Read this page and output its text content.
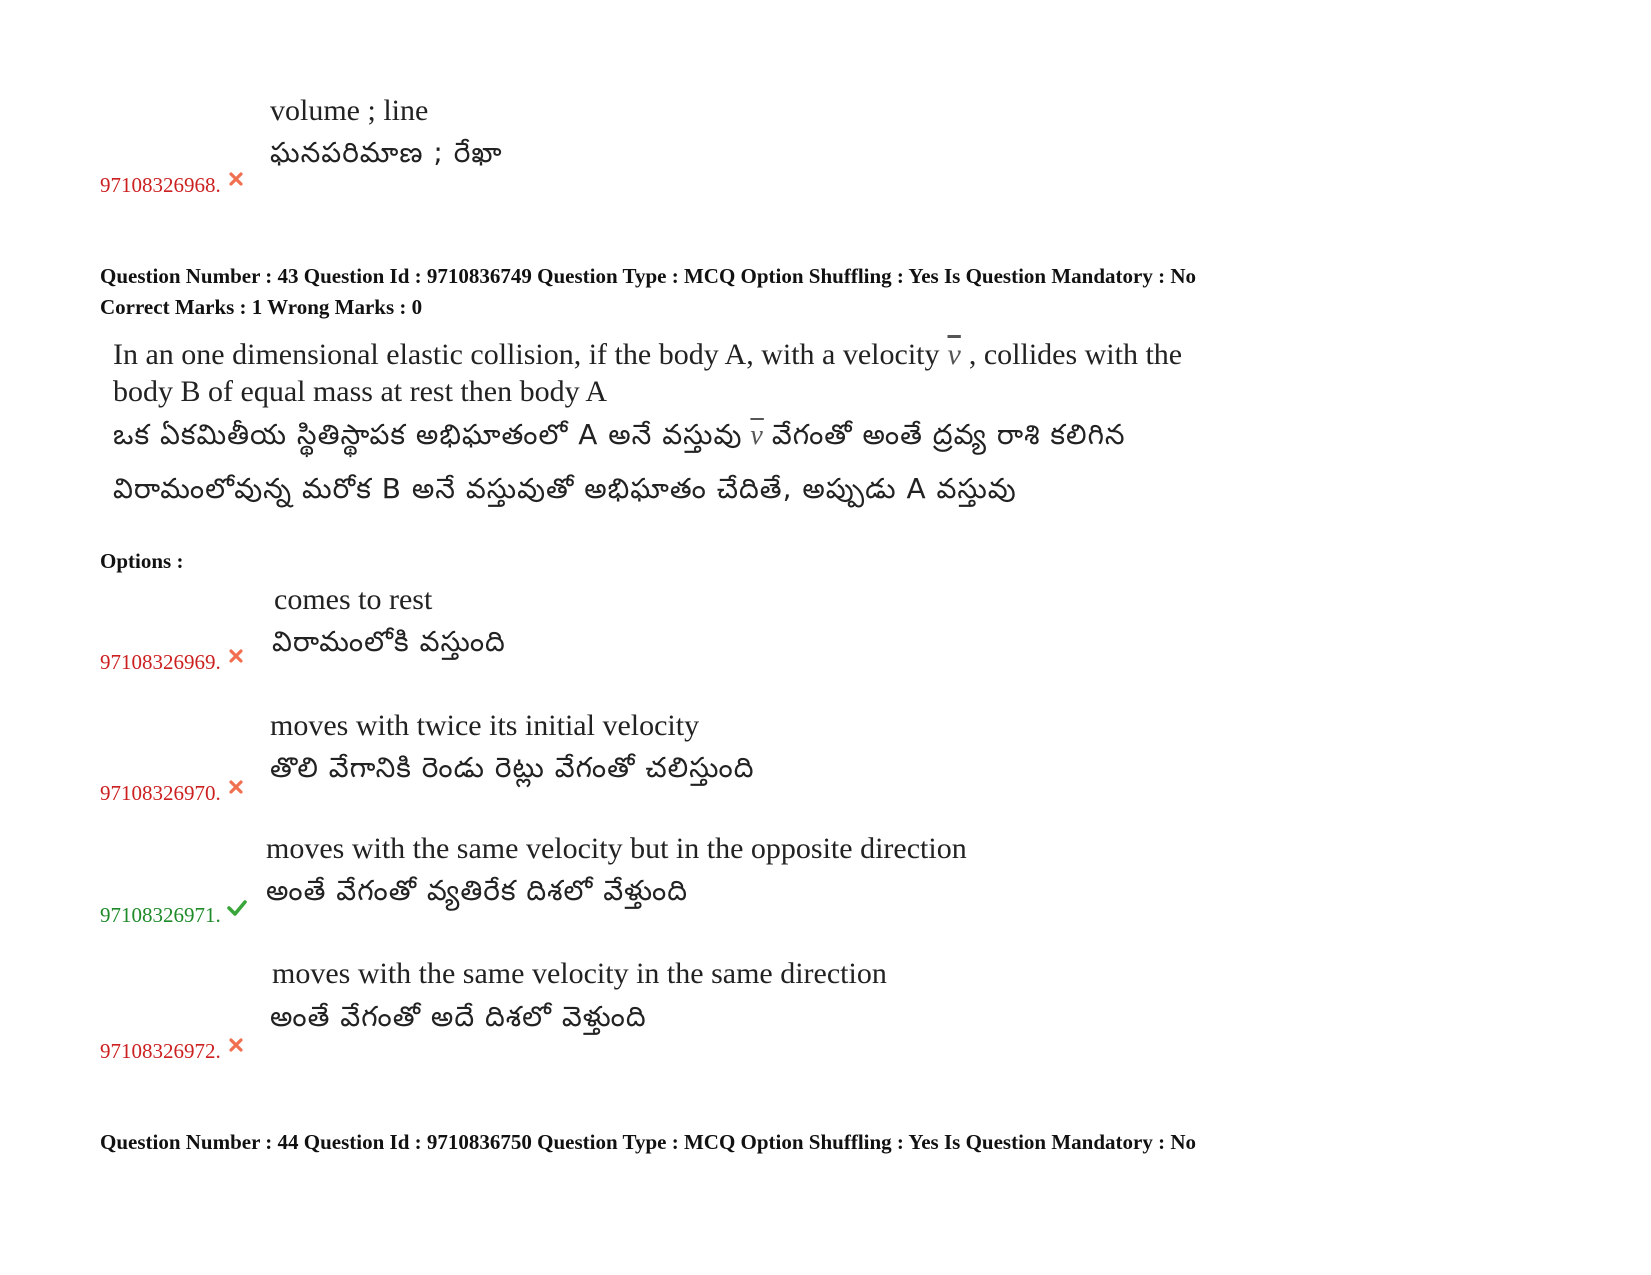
volume ; line
ఘనపరిమాణ ; రేఖా
97108326968.
Question Number : 43 Question Id : 9710836749 Question Type : MCQ Option Shuffling : Yes Is Question Mandatory : No
Correct Marks : 1 Wrong Marks : 0
In an one dimensional elastic collision, if the body A, with a velocity $\overline{v}$ , collides with the
body B of equal mass at rest then body A
ఒక ఏకమితీయ స్థితిస్థాపక అభిఘాతంలో A అనే వస్తువు $\overline{v}$ వేగంతో అంతే ద్రవ్య రాశి కలిగిన
విరామంలోవున్న మరోక B అనే వస్తువుతో అభిఘాతం చేదితే, అప్పుడు A వస్తువు
Options :
comes to rest
విరామంలోకి వస్తుంది
97108326969.
moves with twice its initial velocity
తొలి వేగానికి రెండు రెట్లు వేగంతో చలిస్తుంది
97108326970.
moves with the same velocity but in the opposite direction
అంతే వేగంతో వ్యతిరేక దిశలో వేళ్తుంది
97108326971.
moves with the same velocity in the same direction
అంతే వేగంతో అదే దిశలో వెళ్తుంది
97108326972.
Question Number : 44 Question Id : 9710836750 Question Type : MCQ Option Shuffling : Yes Is Question Mandatory : No
